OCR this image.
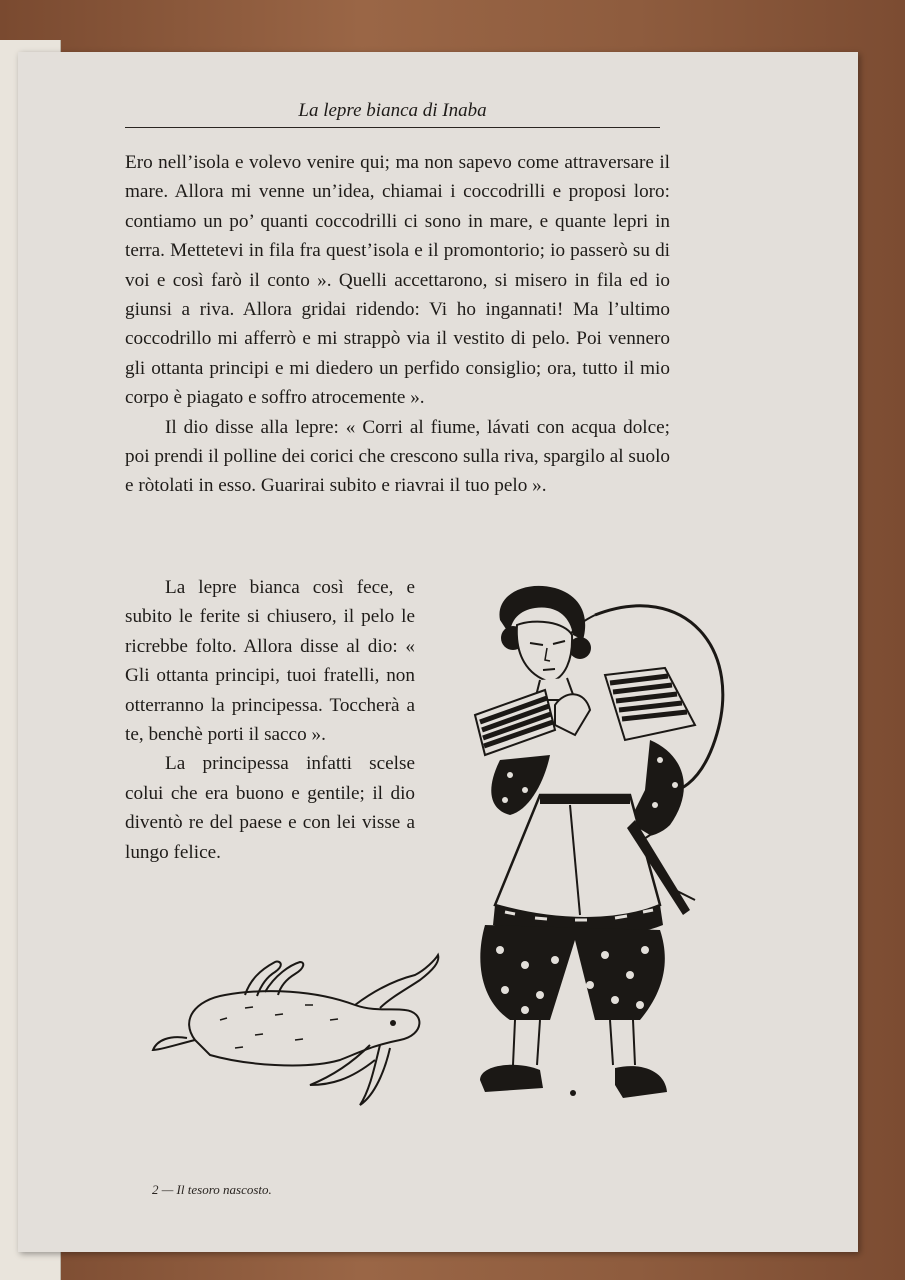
La lepre bianca di Inaba

Ero nell’isola e volevo venire qui; ma non sapevo come attraversare il mare. Allora mi venne un’idea, chiamai i coccodrilli e proposi loro: contiamo un po’ quanti coccodrilli ci sono in mare, e quante lepri in terra. Mettetevi in fila fra quest’isola e il promontorio; io passerò su di voi e così farò il conto ». Quelli accettarono, si misero in fila ed io giunsi a riva. Allora gridai ridendo: Vi ho ingannati! Ma l’ultimo coccodrillo mi afferrò e mi strappò via il vestito di pelo. Poi vennero gli ottanta principi e mi diedero un perfido consiglio; ora, tutto il mio corpo è piagato e soffro atrocemente ».

Il dio disse alla lepre: « Corri al fiume, lávati con acqua dolce; poi prendi il polline dei corici che crescono sulla riva, spargilo al suolo e ròtolati in esso. Guarirai subito e riavrai il tuo pelo ».

La lepre bianca così fece, e subito le ferite si chiusero, il pelo le ricrebbe folto. Allora disse al dio: « Gli ottanta principi, tuoi fratelli, non otterranno la principessa. Toccherà a te, benchè porti il sacco ».

La principessa infatti scelse colui che era buono e gentile; il dio diventò re del paese e con lei visse a lungo felice.

2 — Il tesoro nascosto.
